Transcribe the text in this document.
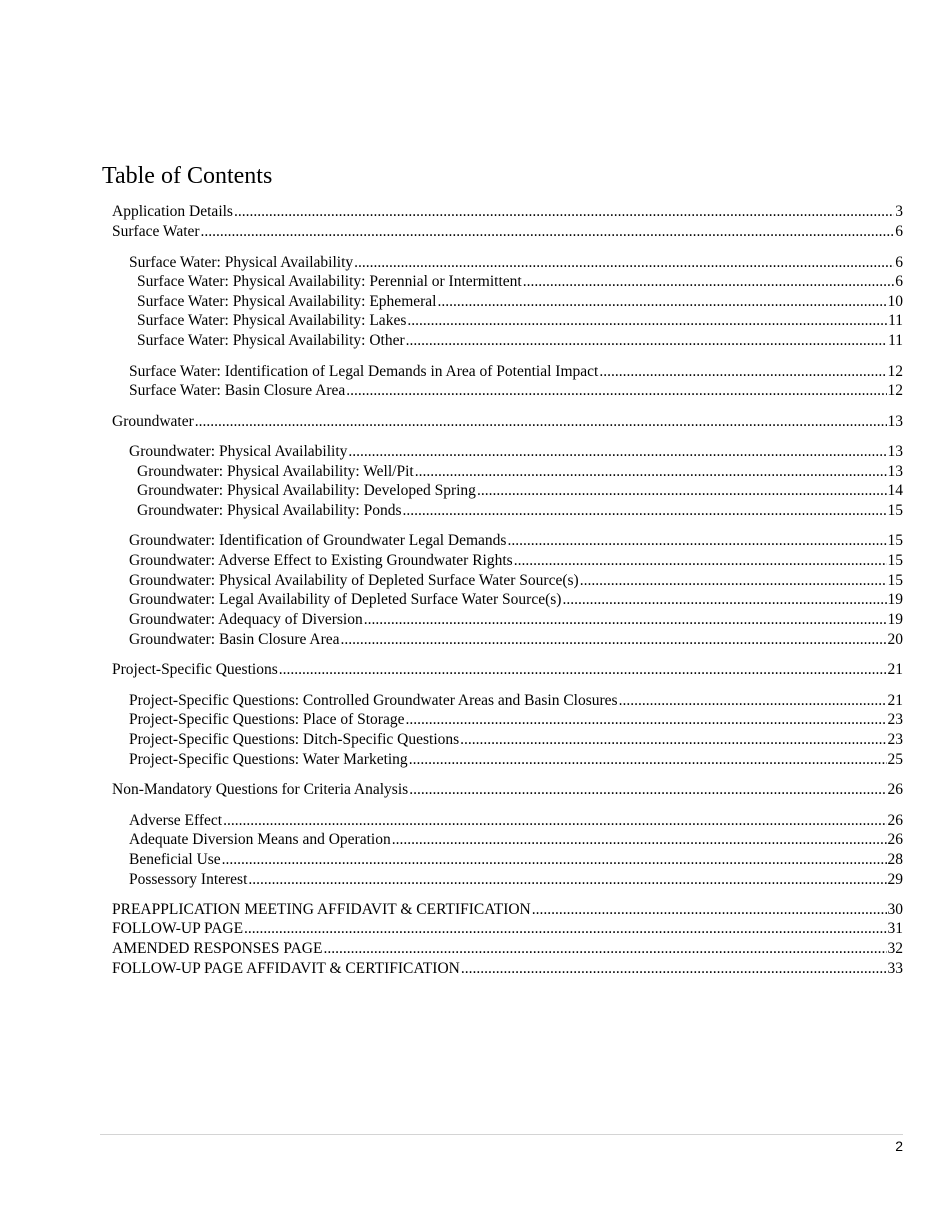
Table of Contents
Application Details .....	3
Surface Water .....	6
Surface Water: Physical Availability .....	6
Surface Water: Physical Availability: Perennial or Intermittent .....	6
Surface Water: Physical Availability: Ephemeral .....	10
Surface Water: Physical Availability: Lakes .....	11
Surface Water: Physical Availability: Other .....	11
Surface Water: Identification of Legal Demands in Area of Potential Impact .....	12
Surface Water: Basin Closure Area .....	12
Groundwater .....	13
Groundwater: Physical Availability .....	13
Groundwater: Physical Availability: Well/Pit .....	13
Groundwater: Physical Availability: Developed Spring .....	14
Groundwater: Physical Availability: Ponds .....	15
Groundwater: Identification of Groundwater Legal Demands .....	15
Groundwater: Adverse Effect to Existing Groundwater Rights .....	15
Groundwater: Physical Availability of Depleted Surface Water Source(s) .....	15
Groundwater: Legal Availability of Depleted Surface Water Source(s) .....	19
Groundwater: Adequacy of Diversion .....	19
Groundwater: Basin Closure Area .....	20
Project-Specific Questions .....	21
Project-Specific Questions: Controlled Groundwater Areas and Basin Closures .....	21
Project-Specific Questions: Place of Storage .....	23
Project-Specific Questions: Ditch-Specific Questions .....	23
Project-Specific Questions: Water Marketing .....	25
Non-Mandatory Questions for Criteria Analysis .....	26
Adverse Effect .....	26
Adequate Diversion Means and Operation .....	26
Beneficial Use .....	28
Possessory Interest .....	29
PREAPPLICATION MEETING AFFIDAVIT & CERTIFICATION .....	30
FOLLOW-UP PAGE .....	31
AMENDED RESPONSES PAGE .....	32
FOLLOW-UP PAGE AFFIDAVIT & CERTIFICATION .....	33
2
